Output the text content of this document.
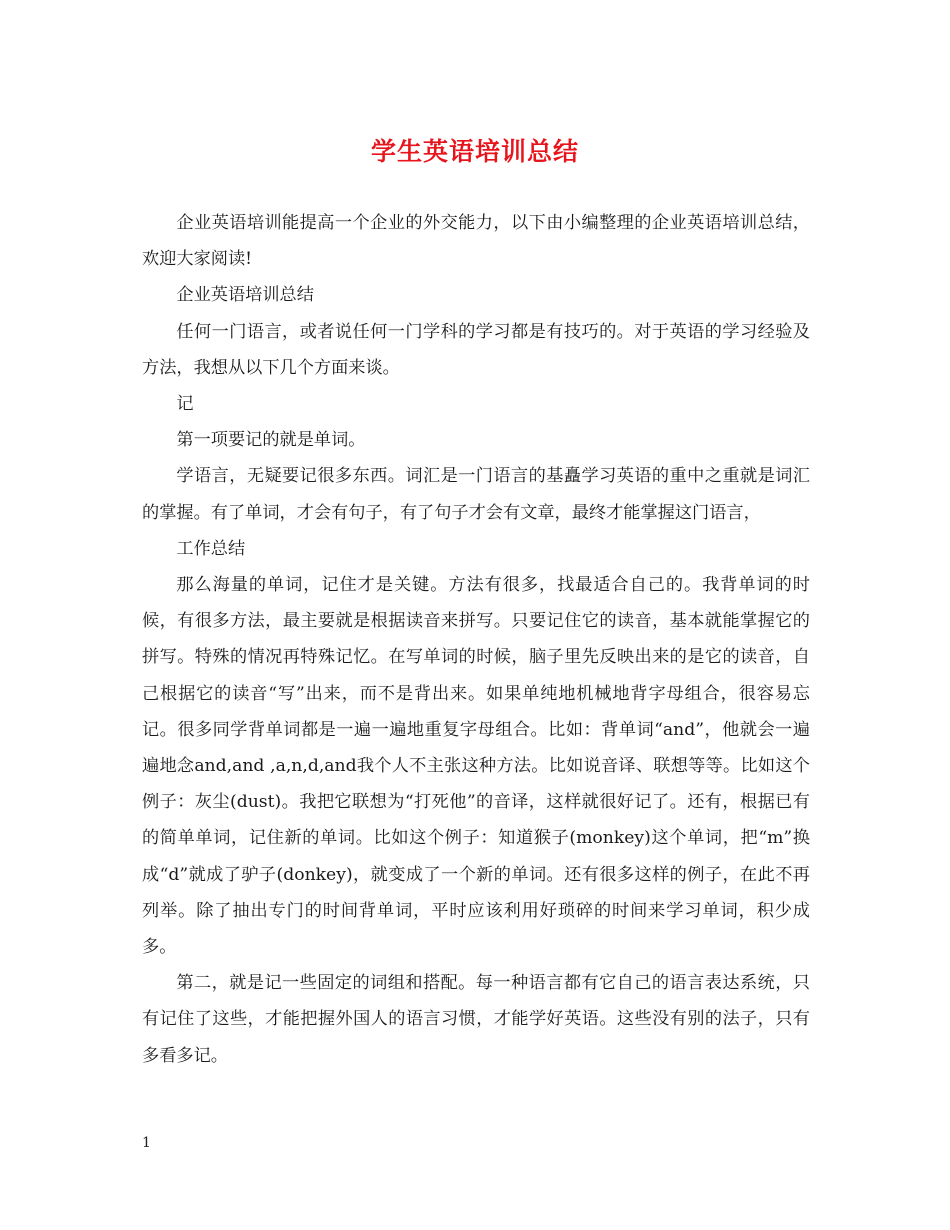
学生英语培训总结

企业英语培训能提高一个企业的外交能力，以下由小编整理的企业英语培训总结，欢迎大家阅读!

企业英语培训总结

任何一门语言，或者说任何一门学科的学习都是有技巧的。对于英语的学习经验及方法，我想从以下几个方面来谈。

记

第一项要记的就是单词。

学语言，无疑要记很多东西。词汇是一门语言的基矗学习英语的重中之重就是词汇的掌握。有了单词，才会有句子，有了句子才会有文章，最终才能掌握这门语言，

工作总结

那么海量的单词，记住才是关键。方法有很多，找最适合自己的。我背单词的时候，有很多方法，最主要就是根据读音来拼写。只要记住它的读音，基本就能掌握它的拼写。特殊的情况再特殊记忆。在写单词的时候，脑子里先反映出来的是它的读音，自己根据它的读音“写”出来，而不是背出来。如果单纯地机械地背字母组合，很容易忘记。很多同学背单词都是一遍一遍地重复字母组合。比如：背单词“and”，他就会一遍遍地念and,and ,a,n,d,and我个人不主张这种方法。比如说音译、联想等等。比如这个例子：灰尘(dust)。我把它联想为“打死他”的音译，这样就很好记了。还有，根据已有的简单单词，记住新的单词。比如这个例子：知道猴子(monkey)这个单词，把“m”换成“d”就成了驴子(donkey)，就变成了一个新的单词。还有很多这样的例子，在此不再列举。除了抽出专门的时间背单词，平时应该利用好琐碎的时间来学习单词，积少成多。

第二，就是记一些固定的词组和搭配。每一种语言都有它自己的语言表达系统，只有记住了这些，才能把握外国人的语言习惯，才能学好英语。这些没有别的法子，只有多看多记。

1
